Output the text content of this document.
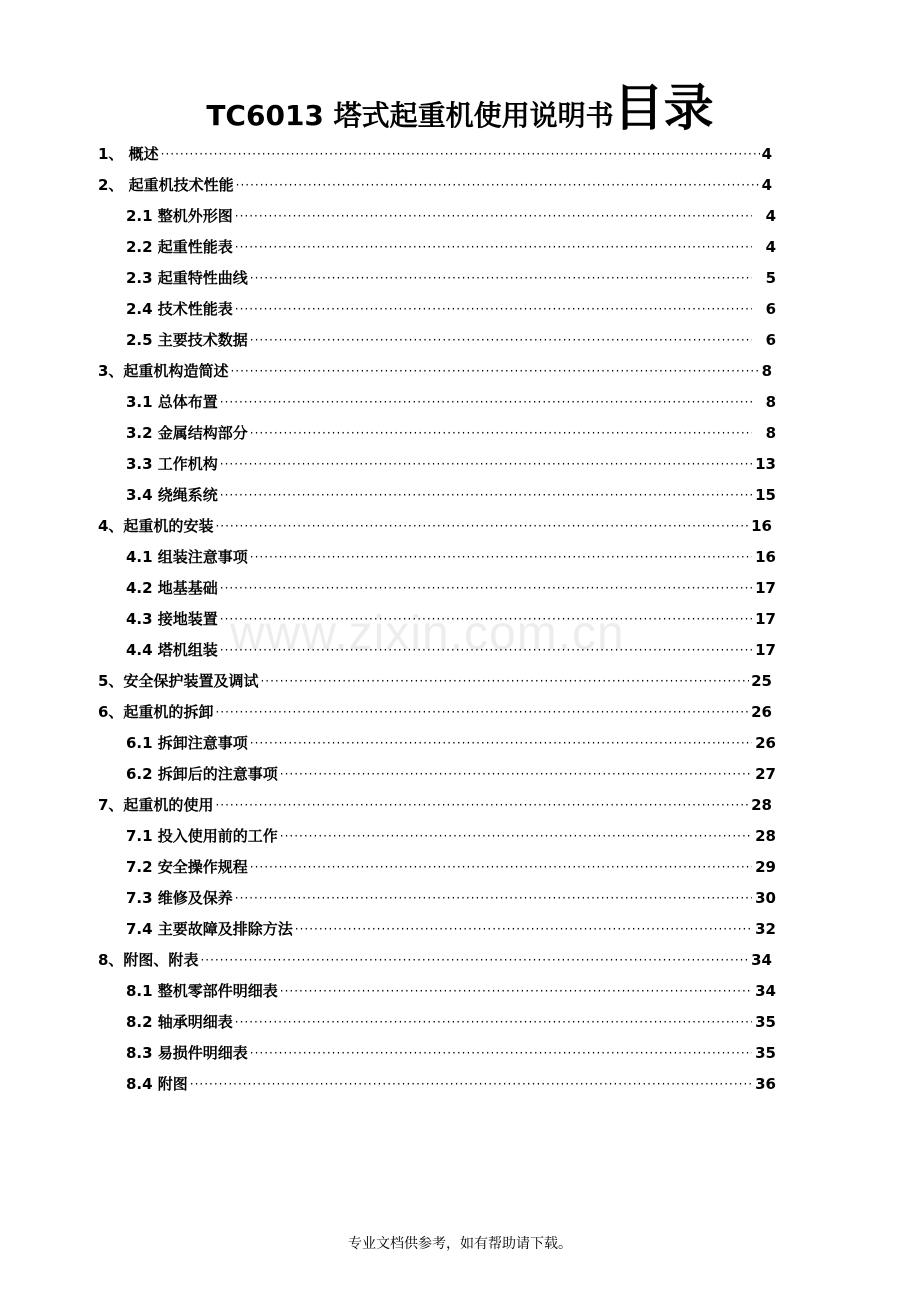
TC6013 塔式起重机使用说明书目录
1、 概述 ·····	4
2、 起重机技术性能 ·····	4
2.1 整机外形图 ·····	4
2.2 起重性能表 ·····	4
2.3 起重特性曲线 ·····	5
2.4 技术性能表 ·····	6
2.5 主要技术数据 ·····	6
3、起重机构造简述 ·····	8
3.1 总体布置 ·····	8
3.2 金属结构部分 ·····	8
3.3 工作机构 ·····	13
3.4 绕绳系统 ·····	15
4、起重机的安装 ·····	16
4.1 组装注意事项 ·····	16
4.2 地基基础 ·····	17
4.3 接地装置 ·····	17
4.4 塔机组装 ·····	17
5、安全保护装置及调试 ·····	25
6、起重机的拆卸 ·····	26
6.1 拆卸注意事项 ·····	26
6.2 拆卸后的注意事项 ·····	27
7、起重机的使用 ·····	28
7.1 投入使用前的工作 ·····	28
7.2 安全操作规程 ·····	29
7.3 维修及保养 ·····	30
7.4 主要故障及排除方法 ·····	32
8、附图、附表 ·····	34
8.1 整机零部件明细表 ·····	34
8.2 轴承明细表 ·····	35
8.3 易损件明细表 ·····	35
8.4 附图 ·····	36
www.zixin.com.cn
专业文档供参考，如有帮助请下载。
